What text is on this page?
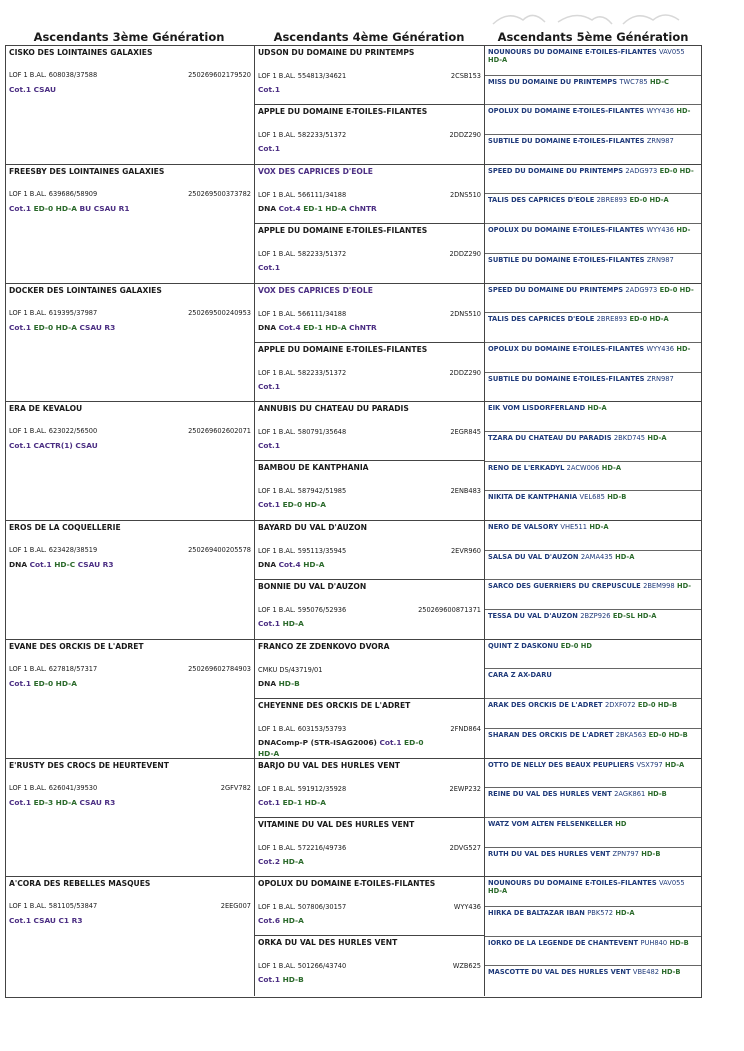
Ascendants 3ème Génération	Ascendants 4ème Génération	Ascendants 5ème Génération
CISKO DES LOINTAINES GALAXIES
LOF 1 B.AL. 608038/37588	250269602179520
Cot.1 CSAU
UDSON DU DOMAINE DU PRINTEMPS
LOF 1 B.AL. 554813/34621	2CSB153
Cot.1
APPLE DU DOMAINE E-TOILES-FILANTES
LOF 1 B.AL. 582233/51372	2DDZ290
Cot.1
NOUNOURS DU DOMAINE E-TOILES-FILANTES VAV055
HD-A
MISS DU DOMAINE DU PRINTEMPS TWC785 HD-C
OPOLUX DU DOMAINE E-TOILES-FILANTES WYY436 HD-
SUBTILE DU DOMAINE E-TOILES-FILANTES ZRN987
FREESBY DES LOINTAINES GALAXIES
LOF 1 B.AL. 639686/58909	250269500373782
Cot.1 ED-0 HD-A BU CSAU R1
VOX DES CAPRICES D'EOLE
LOF 1 B.AL. 566111/34188	2DNS510
DNA Cot.4 ED-1 HD-A ChNTR
APPLE DU DOMAINE E-TOILES-FILANTES
LOF 1 B.AL. 582233/51372	2DDZ290
Cot.1
SPEED DU DOMAINE DU PRINTEMPS 2ADG973 ED-0 HD-
TALIS DES CAPRICES D'EOLE 2BRE893 ED-0 HD-A
OPOLUX DU DOMAINE E-TOILES-FILANTES WYY436 HD-
SUBTILE DU DOMAINE E-TOILES-FILANTES ZRN987
DOCKER DES LOINTAINES GALAXIES
LOF 1 B.AL. 619395/37987	250269500240953
Cot.1 ED-0 HD-A CSAU R3
VOX DES CAPRICES D'EOLE
LOF 1 B.AL. 566111/34188	2DNS510
DNA Cot.4 ED-1 HD-A ChNTR
APPLE DU DOMAINE E-TOILES-FILANTES
LOF 1 B.AL. 582233/51372	2DDZ290
Cot.1
SPEED DU DOMAINE DU PRINTEMPS 2ADG973 ED-0 HD-
TALIS DES CAPRICES D'EOLE 2BRE893 ED-0 HD-A
OPOLUX DU DOMAINE E-TOILES-FILANTES WYY436 HD-
SUBTILE DU DOMAINE E-TOILES-FILANTES ZRN987
ERA DE KEVALOU
LOF 1 B.AL. 623022/56500	250269602602071
Cot.1 CACTR(1) CSAU
ANNUBIS DU CHATEAU DU PARADIS
LOF 1 B.AL. 580791/35648	2EGR845
Cot.1
BAMBOU DE KANTPHANIA
LOF 1 B.AL. 587942/51985	2ENB483
Cot.1 ED-0 HD-A
EIK VOM LISDORFERLAND HD-A
TZARA DU CHATEAU DU PARADIS 2BKD745 HD-A
RENO DE L'ERKADYL 2ACW006 HD-A
NIKITA DE KANTPHANIA VEL685 HD-B
EROS DE LA COQUELLERIE
LOF 1 B.AL. 623428/38519	250269400205578
DNA Cot.1 HD-C CSAU R3
BAYARD DU VAL D'AUZON
LOF 1 B.AL. 595113/35945	2EVR960
DNA Cot.4 HD-A
BONNIE DU VAL D'AUZON
LOF 1 B.AL. 595076/52936	250269600871371
Cot.1 HD-A
NERO DE VALSORY VHE511 HD-A
SALSA DU VAL D'AUZON 2AMA435 HD-A
SARCO DES GUERRIERS DU CREPUSCULE 2BEM998 HD-
TESSA DU VAL D'AUZON 2BZP926 ED-SL HD-A
EVANE DES ORCKIS DE L'ADRET
LOF 1 B.AL. 627818/57317	250269602784903
Cot.1 ED-0 HD-A
FRANCO ZE ZDENKOVO DVORA
CMKU DS/43719/01
DNA HD-B
CHEYENNE DES ORCKIS DE L'ADRET
LOF 1 B.AL. 603153/53793	2FND864
DNAComp-P (STR-ISAG2006) Cot.1 ED-0
HD-A
QUINT Z DASKONU ED-0 HD
CARA Z AX-DARU
ARAK DES ORCKIS DE L'ADRET 2DXF072 ED-0 HD-B
SHARAN DES ORCKIS DE L'ADRET 2BKA563 ED-0 HD-B
E'RUSTY DES CROCS DE HEURTEVENT
LOF 1 B.AL. 626041/39530	2GFV782
Cot.1 ED-3 HD-A CSAU R3
BARJO DU VAL DES HURLES VENT
LOF 1 B.AL. 591912/35928	2EWP232
Cot.1 ED-1 HD-A
VITAMINE DU VAL DES HURLES VENT
LOF 1 B.AL. 572216/49736	2DVG527
Cot.2 HD-A
OTTO DE NELLY DES BEAUX PEUPLIERS VSX797 HD-A
REINE DU VAL DES HURLES VENT 2AGK861 HD-B
WATZ VOM ALTEN FELSENKELLER HD
RUTH DU VAL DES HURLES VENT ZPN797 HD-B
A'CORA DES REBELLES MASQUES
LOF 1 B.AL. 581105/53847	2EEG007
Cot.1 CSAU C1 R3
OPOLUX DU DOMAINE E-TOILES-FILANTES
LOF 1 B.AL. 507806/30157	WYY436
Cot.6 HD-A
ORKA DU VAL DES HURLES VENT
LOF 1 B.AL. 501266/43740	WZB625
Cot.1 HD-B
NOUNOURS DU DOMAINE E-TOILES-FILANTES VAV055
HD-A
HIRKA DE BALTAZAR IBAN PBK572 HD-A
IORKO DE LA LEGENDE DE CHANTEVENT PUH840 HD-B
MASCOTTE DU VAL DES HURLES VENT VBE482 HD-B
